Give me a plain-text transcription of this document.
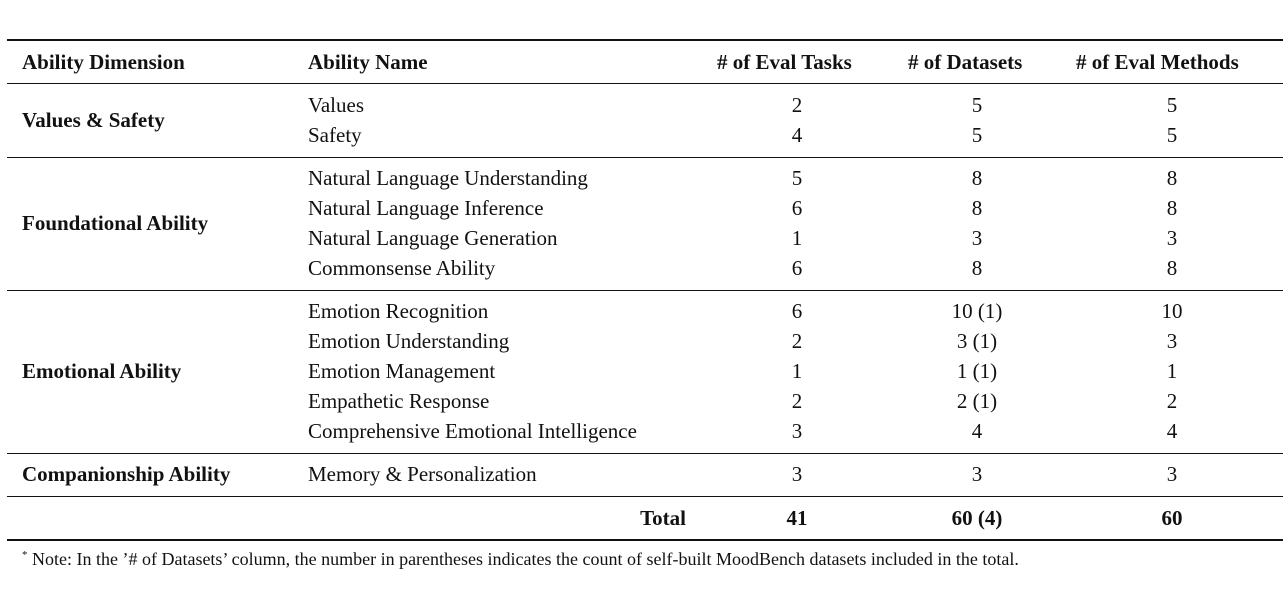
Ability Dimension	Ability Name	# of Eval Tasks	# of Datasets	# of Eval Methods
Values & Safety
Values	2	5	5
Safety	4	5	5
Foundational Ability
Natural Language Understanding	5	8	8
Natural Language Inference	6	8	8
Natural Language Generation	1	3	3
Commonsense Ability	6	8	8
Emotional Ability
Emotion Recognition	6	10 (1)	10
Emotion Understanding	2	3 (1)	3
Emotion Management	1	1 (1)	1
Empathetic Response	2	2 (1)	2
Comprehensive Emotional Intelligence	3	4	4
Companionship Ability	Memory & Personalization	3	3	3
Total	41	60 (4)	60
* Note: In the ’# of Datasets’ column, the number in parentheses indicates the count of self-built MoodBench datasets included in the total.
